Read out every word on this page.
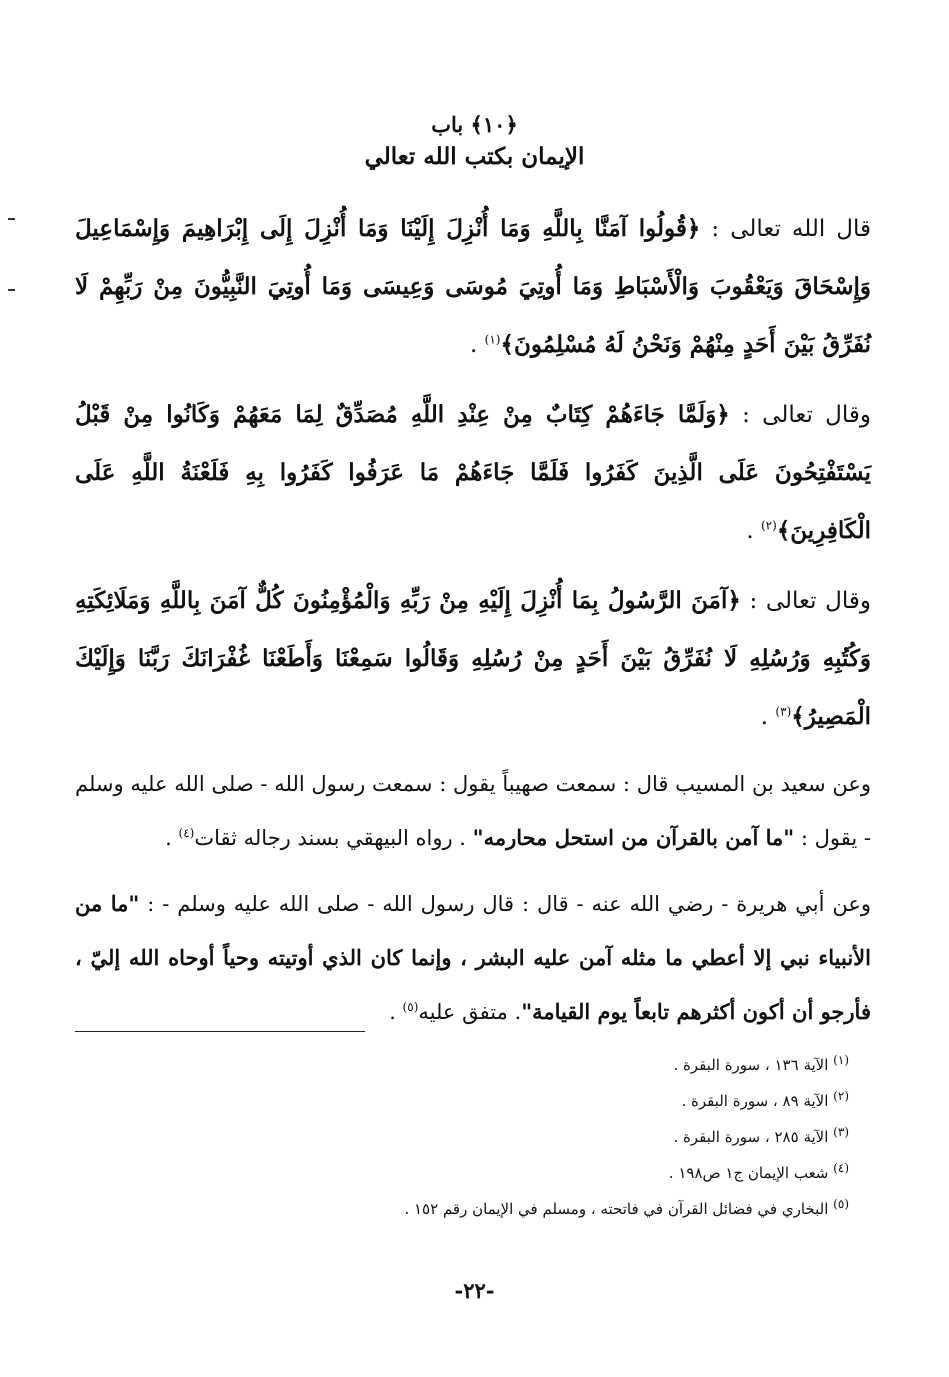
﴿١٠﴾ باب
الإيمان بكتب الله تعالي

قال الله تعالى : ﴿قُولُوا آمَنَّا بِاللَّهِ وَمَا أُنْزِلَ إِلَيْنَا وَمَا أُنْزِلَ إِلَى إِبْرَاهِيمَ وَإِسْمَاعِيلَ وَإِسْحَاقَ وَيَعْقُوبَ وَالْأَسْبَاطِ وَمَا أُوتِيَ مُوسَى وَعِيسَى وَمَا أُوتِيَ النَّبِيُّونَ مِنْ رَبِّهِمْ لَا نُفَرِّقُ بَيْنَ أَحَدٍ مِنْهُمْ وَنَحْنُ لَهُ مُسْلِمُونَ﴾$^{(١)}$ .

وقال تعالى : ﴿وَلَمَّا جَاءَهُمْ كِتَابٌ مِنْ عِنْدِ اللَّهِ مُصَدِّقٌ لِمَا مَعَهُمْ وَكَانُوا مِنْ قَبْلُ يَسْتَفْتِحُونَ عَلَى الَّذِينَ كَفَرُوا فَلَمَّا جَاءَهُمْ مَا عَرَفُوا كَفَرُوا بِهِ فَلَعْنَةُ اللَّهِ عَلَى الْكَافِرِينَ﴾$^{(٢)}$ .

وقال تعالى : ﴿آمَنَ الرَّسُولُ بِمَا أُنْزِلَ إِلَيْهِ مِنْ رَبِّهِ وَالْمُؤْمِنُونَ كُلٌّ آمَنَ بِاللَّهِ وَمَلَائِكَتِهِ وَكُتُبِهِ وَرُسُلِهِ لَا نُفَرِّقُ بَيْنَ أَحَدٍ مِنْ رُسُلِهِ وَقَالُوا سَمِعْنَا وَأَطَعْنَا غُفْرَانَكَ رَبَّنَا وَإِلَيْكَ الْمَصِيرُ﴾$^{(٣)}$ .

وعن سعيد بن المسيب قال : سمعت صهيباً يقول : سمعت رسول الله - صلى الله عليه وسلم - يقول : "ما آمن بالقرآن من استحل محارمه" . رواه البيهقي بسند رجاله ثقات$^{(٤)}$ .

وعن أبي هريرة - رضي الله عنه - قال : قال رسول الله - صلى الله عليه وسلم - : "ما من الأنبياء نبي إلا أعطي ما مثله آمن عليه البشر ، وإنما كان الذي أوتيته وحياً أوحاه الله إليّ ، فأرجو أن أكون أكثرهم تابعاً يوم القيامة". متفق عليه$^{(٥)}$ .

$^{(١)}$ الآية ١٣٦ ، سورة البقرة .

$^{(٢)}$ الآية ٨٩ ، سورة البقرة .

$^{(٣)}$ الآية ٢٨٥ ، سورة البقرة .

$^{(٤)}$ شعب الإيمان ج١ ص١٩٨ .

$^{(٥)}$ البخاري في فضائل القرآن في فاتحته ، ومسلم في الإيمان رقم ١٥٢ .

-٢٢-
